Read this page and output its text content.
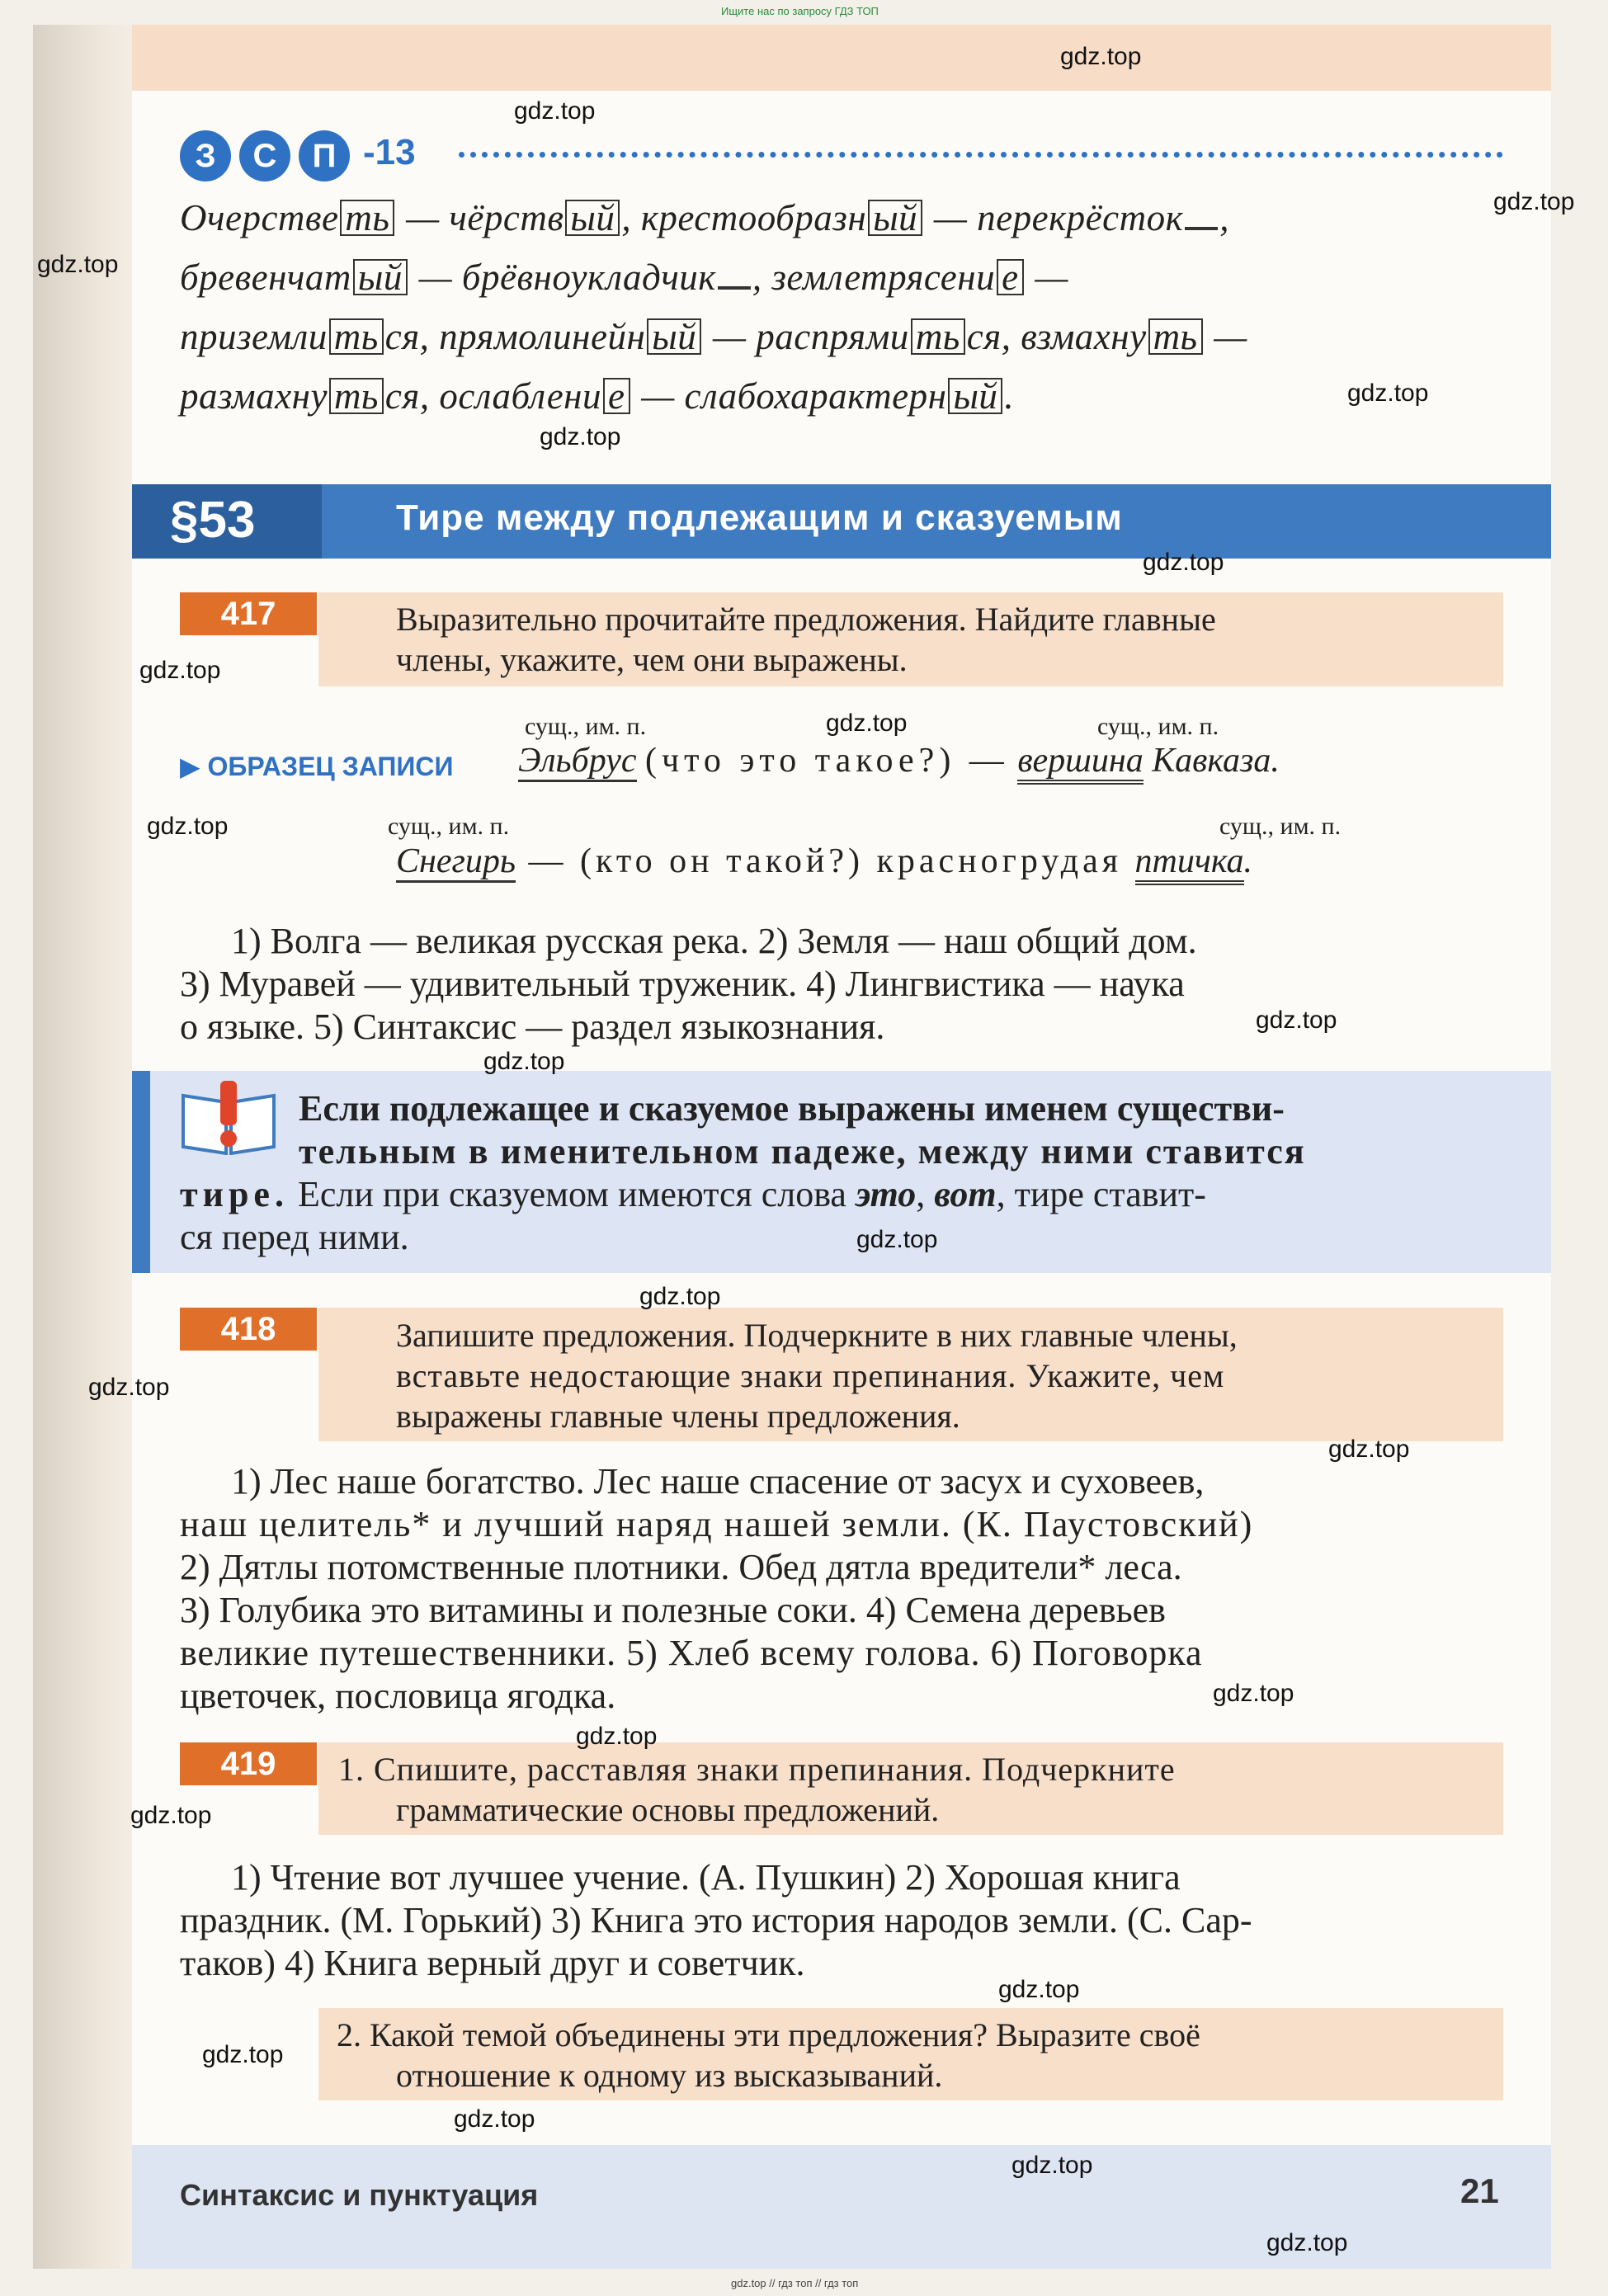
Ищите нас по запросу ГДЗ ТОП
З	С	П -13
Очерстве ть — чёрств ый , крестообразн ый — перекрёсток ,
бревенчат ый — брёвноукладчик , землетрясени е —
приземли ть ся, прямолинейн ый — распрями ть ся, взмахну ть —
размахну ть ся, ослаблени е — слабохарактерн ый .
§53	Тире между подлежащим и сказуемым
417	Выразительно прочитайте предложения. Найдите главные
члены, укажите, чем они выражены.
▶ ОБРАЗЕЦ ЗАПИСИ
сущ., им. п.	сущ., им. п.
Эльбрус (что это такое?) — вершина Кавказа.
сущ., им. п.	сущ., им. п.
Снегирь — (кто он такой?) красногрудая птичка.
1) Волга — великая русская река. 2) Земля — наш общий дом.
3) Муравей — удивительный труженик. 4) Лингвистика — наука
о языке. 5) Синтаксис — раздел языкознания.
Если подлежащее и сказуемое выражены именем существи-
тельным в именительном падеже, между ними ставится
тире. Если при сказуемом имеются слова это, вот, тире ставит-
ся перед ними.
418	Запишите предложения. Подчеркните в них главные члены,
вставьте недостающие знаки препинания. Укажите, чем
выражены главные члены предложения.
1) Лес наше богатство. Лес наше спасение от засух и суховеев,
наш целитель* и лучший наряд нашей земли. (К. Паустовский)
2) Дятлы потомственные плотники. Обед дятла вредители* леса.
3) Голубика это витамины и полезные соки. 4) Семена деревьев
великие путешественники. 5) Хлеб всему голова. 6) Поговорка
цветочек, пословица ягодка.
419	1. Спишите, расставляя знаки препинания. Подчеркните
грамматические основы предложений.
1) Чтение вот лучшее учение. (А. Пушкин) 2) Хорошая книга
праздник. (М. Горький) 3) Книга это история народов земли. (С. Сар-
таков) 4) Книга верный друг и советчик.
2. Какой темой объединены эти предложения? Выразите своё
отношение к одному из высказываний.
Синтаксис и пунктуация	21
gdz.top // гдз топ // гдз топ
gdz.top
gdz.top
gdz.top
gdz.top
gdz.top
gdz.top
gdz.top
gdz.top
gdz.top
gdz.top
gdz.top
gdz.top
gdz.top
gdz.top
gdz.top
gdz.top
gdz.top
gdz.top
gdz.top
gdz.top
gdz.top
gdz.top
gdz.top
gdz.top
